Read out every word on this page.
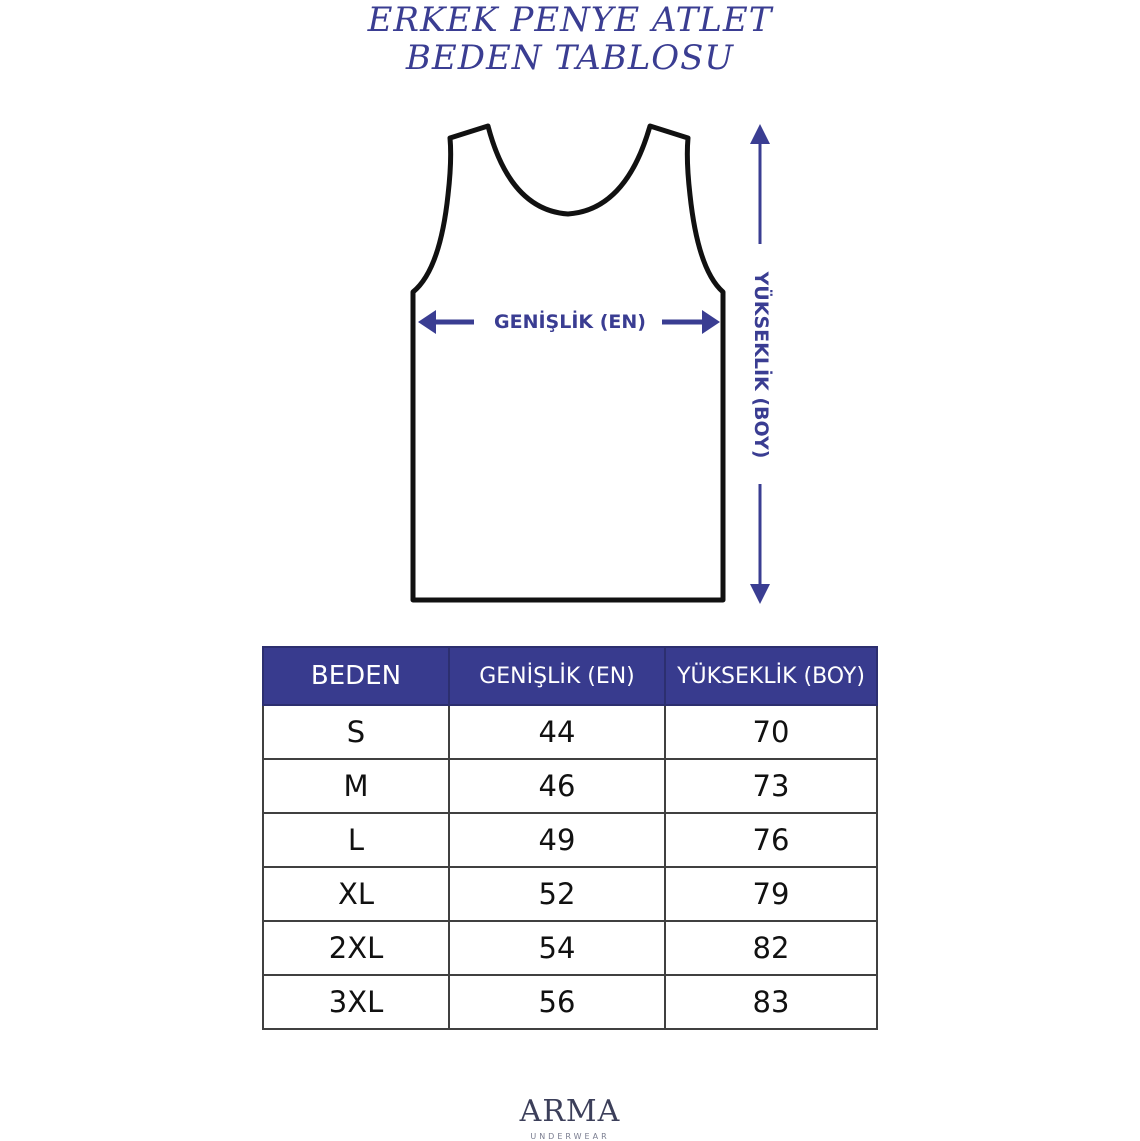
ERKEK PENYE ATLET
BEDEN TABLOSU
GENİŞLİK (EN)	YÜKSEKLİK (BOY)
BEDEN	GENİŞLİK (EN)	YÜKSEKLİK (BOY)
S	44	70
M	46	73
L	49	76
XL	52	79
2XL	54	82
3XL	56	83
ARMA
UNDERWEAR
